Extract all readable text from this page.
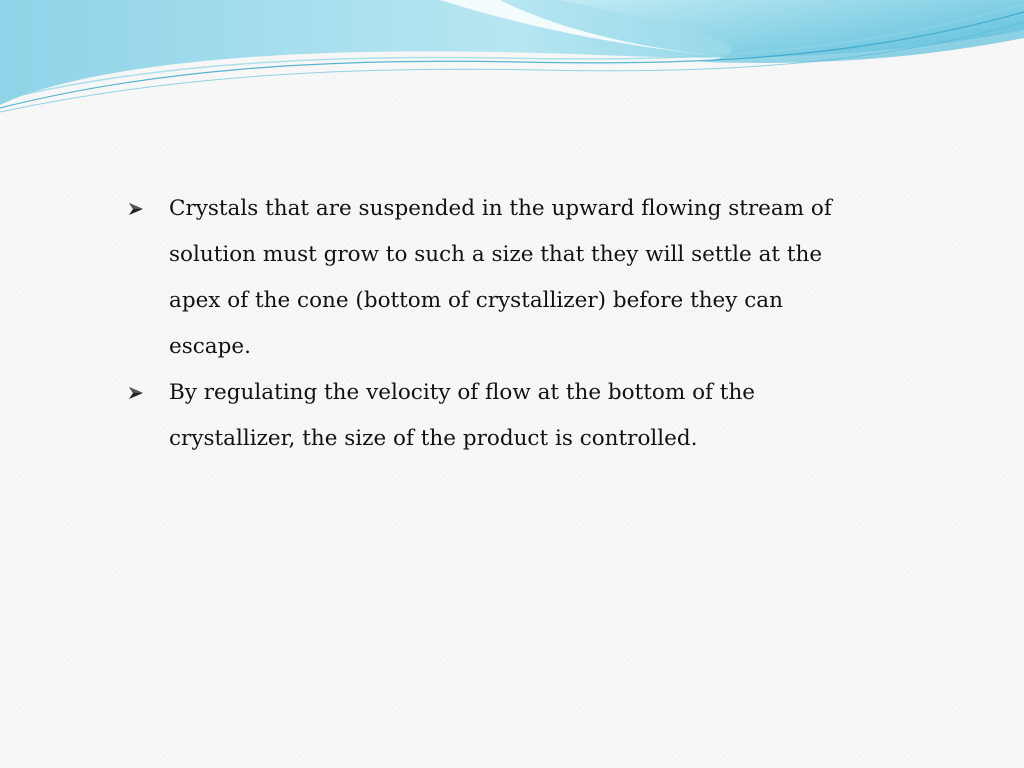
Crystals that are suspended in the upward flowing stream of solution must grow to such a size that they will settle at the apex of the cone (bottom of crystallizer) before they can escape.
By regulating the velocity of flow at the bottom of the crystallizer, the size of the product is controlled.
